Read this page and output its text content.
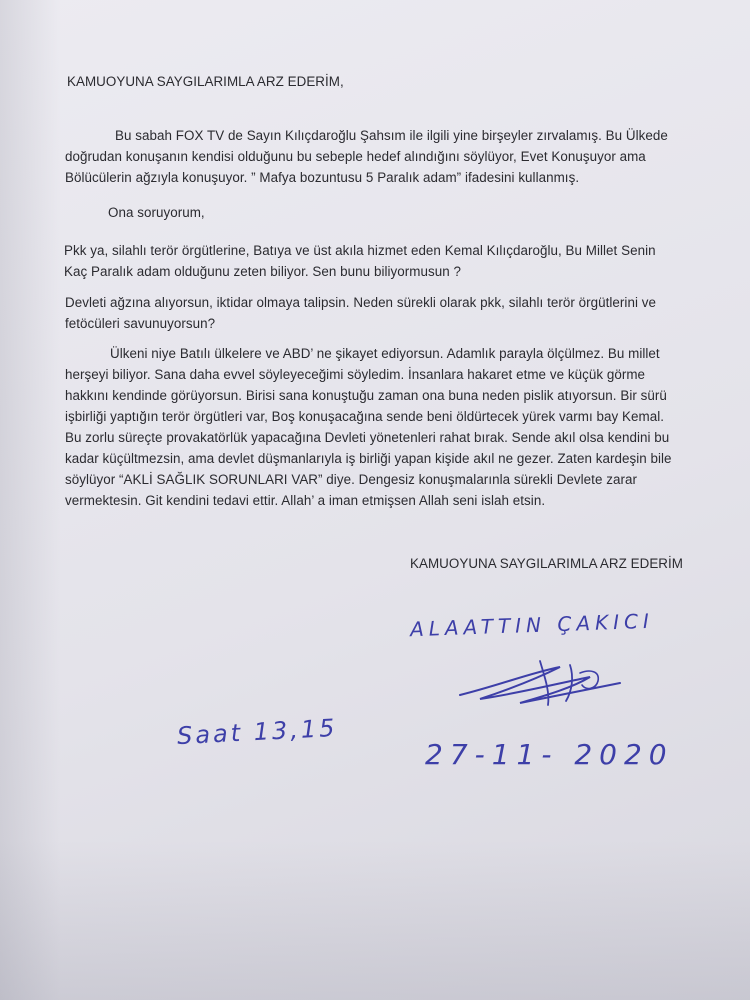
KAMUOYUNA SAYGILARIMLA ARZ EDERİM,
Bu sabah FOX TV de Sayın Kılıçdaroğlu Şahsım ile ilgili yine birşeyler zırvalamış. Bu Ülkede
doğrudan konuşanın kendisi olduğunu bu sebeple hedef alındığını söylüyor, Evet Konuşuyor ama
Bölücülerin ağzıyla konuşuyor. ” Mafya bozuntusu 5 Paralık adam” ifadesini kullanmış.
Ona soruyorum,
Pkk ya, silahlı terör örgütlerine, Batıya ve üst akıla hizmet eden Kemal Kılıçdaroğlu, Bu Millet Senin
Kaç Paralık adam olduğunu zeten biliyor. Sen bunu biliyormusun ?
Devleti ağzına alıyorsun, iktidar olmaya talipsin. Neden sürekli olarak pkk, silahlı terör örgütlerini ve
fetöcüleri savunuyorsun?
Ülkeni niye Batılı ülkelere ve ABD’ ne şikayet ediyorsun. Adamlık parayla ölçülmez. Bu millet
herşeyi biliyor. Sana daha evvel söyleyeceğimi söyledim. İnsanlara hakaret etme ve küçük görme
hakkını kendinde görüyorsun. Birisi sana konuştuğu zaman ona buna neden pislik atıyorsun. Bir sürü
işbirliği yaptığın terör örgütleri var, Boş konuşacağına sende beni öldürtecek yürek varmı bay Kemal.
Bu zorlu süreçte provakatörlük yapacağına Devleti yönetenleri rahat bırak. Sende akıl olsa kendini bu
kadar küçültmezsin, ama devlet düşmanlarıyla iş birliği yapan kişide akıl ne gezer. Zaten kardeşin bile
söylüyor “AKLİ SAĞLIK SORUNLARI VAR” diye. Dengesiz konuşmalarınla sürekli Devlete zarar
vermektesin. Git kendini tedavi ettir. Allah’ a iman etmişsen Allah seni islah etsin.
KAMUOYUNA SAYGILARIMLA ARZ EDERİM
ALAATTIN ÇAKICI
Saat 13,15
27-11- 2020
